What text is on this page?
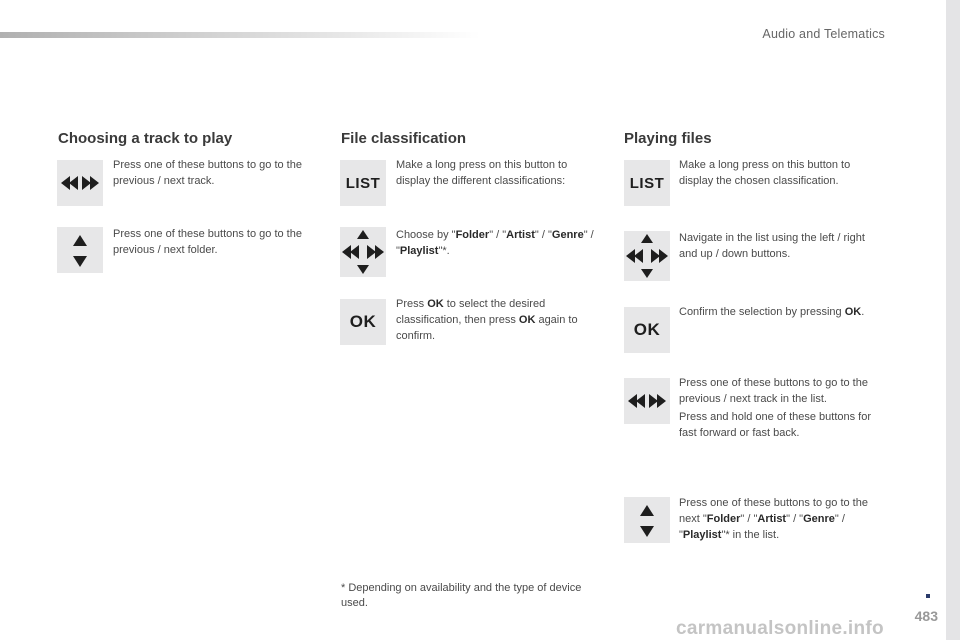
Audio and Telematics
Choosing a track to play
Press one of these buttons to go to the previous / next track.
Press one of these buttons to go to the previous / next folder.
File classification
LIST
Make a long press on this button to display the different classifications:
Choose by "Folder" / "Artist" / "Genre" / "Playlist"*.
OK
Press OK to select the desired classification, then press OK again to confirm.
Playing files
LIST
Make a long press on this button to display the chosen classification.
Navigate in the list using the left / right and up / down buttons.
OK
Confirm the selection by pressing OK.
Press one of these buttons to go to the previous / next track in the list.
Press and hold one of these buttons for fast forward or fast back.
Press one of these buttons to go to the next "Folder" / "Artist" / "Genre" / "Playlist"* in the list.
* Depending on availability and the type of device used.
carmanualsonline.info
483
